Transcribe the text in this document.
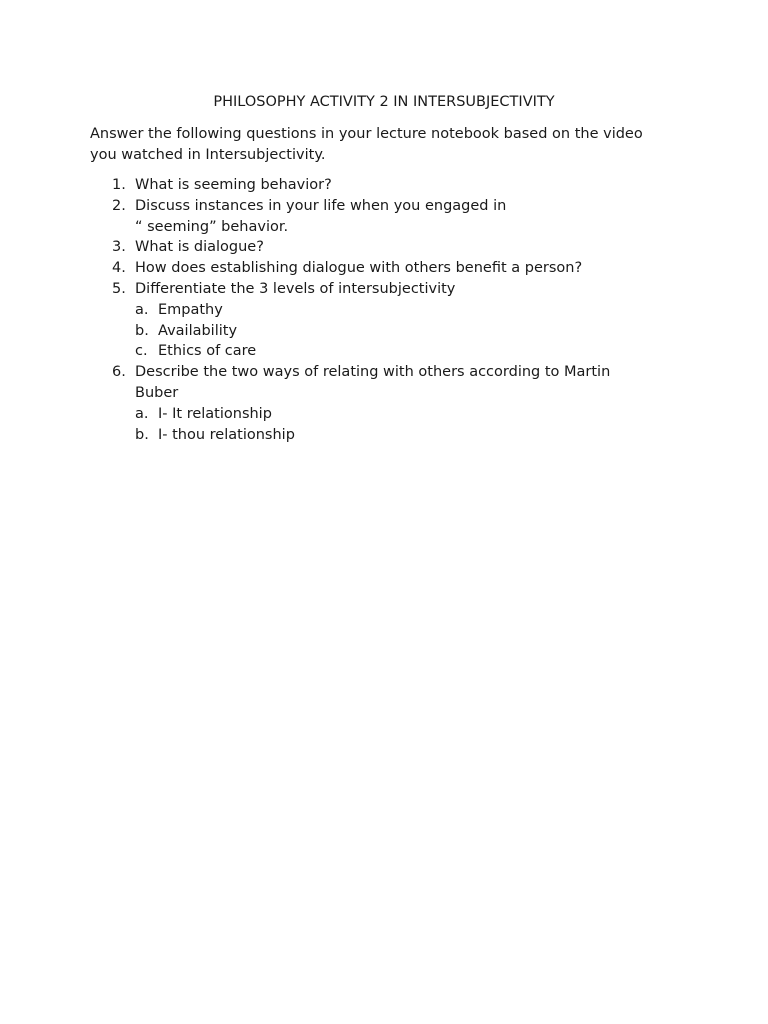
PHILOSOPHY ACTIVITY 2 IN INTERSUBJECTIVITY

Answer the following questions in your lecture notebook based on the video
you watched in Intersubjectivity.

1. What is seeming behavior?
2. Discuss instances in your life when you engaged in
“ seeming” behavior.
3. What is dialogue?
4. How does establishing dialogue with others benefit a person?
5. Differentiate the 3 levels of intersubjectivity
a. Empathy
b. Availability
c. Ethics of care
6. Describe the two ways of relating with others according to Martin
Buber
a. I- It relationship
b. I- thou relationship
